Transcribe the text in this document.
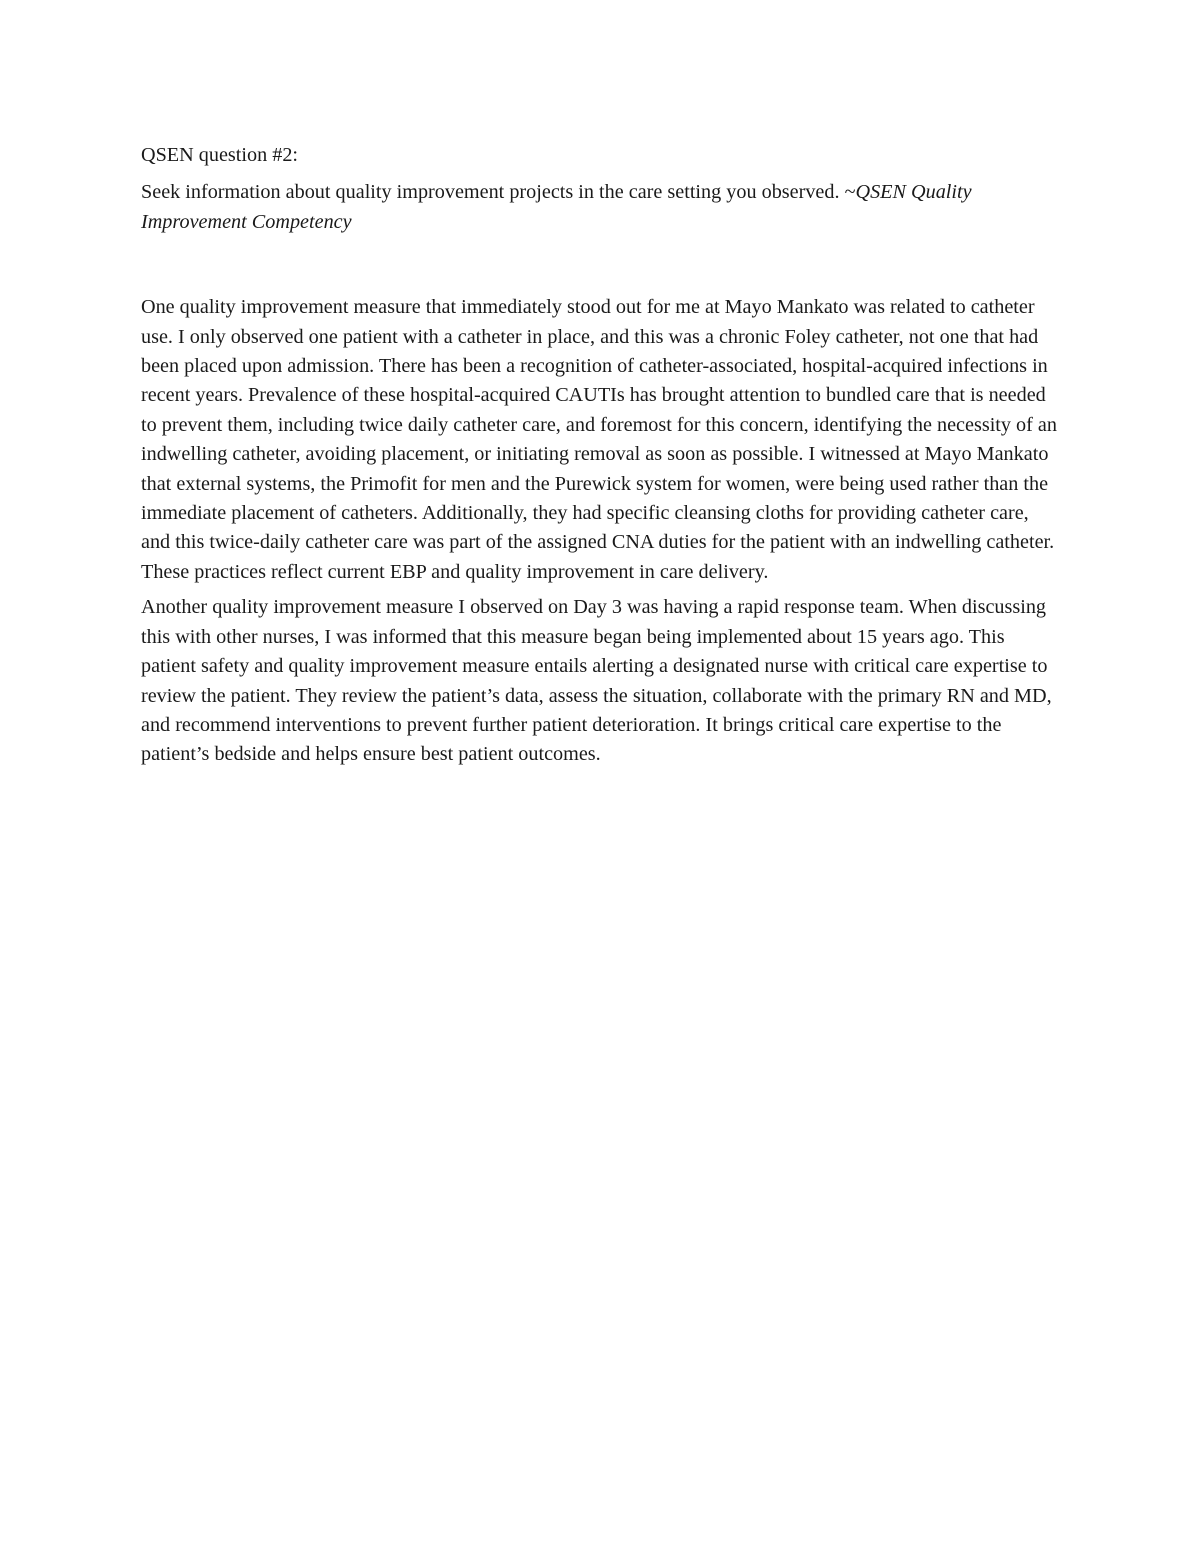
QSEN question #2:

Seek information about quality improvement projects in the care setting you observed. ~QSEN Quality Improvement Competency

One quality improvement measure that immediately stood out for me at Mayo Mankato was related to catheter use. I only observed one patient with a catheter in place, and this was a chronic Foley catheter, not one that had been placed upon admission. There has been a recognition of catheter-associated, hospital-acquired infections in recent years. Prevalence of these hospital-acquired CAUTIs has brought attention to bundled care that is needed to prevent them, including twice daily catheter care, and foremost for this concern, identifying the necessity of an indwelling catheter, avoiding placement, or initiating removal as soon as possible. I witnessed at Mayo Mankato that external systems, the Primofit for men and the Purewick system for women, were being used rather than the immediate placement of catheters. Additionally, they had specific cleansing cloths for providing catheter care, and this twice-daily catheter care was part of the assigned CNA duties for the patient with an indwelling catheter. These practices reflect current EBP and quality improvement in care delivery.

Another quality improvement measure I observed on Day 3 was having a rapid response team. When discussing this with other nurses, I was informed that this measure began being implemented about 15 years ago. This patient safety and quality improvement measure entails alerting a designated nurse with critical care expertise to review the patient. They review the patient’s data, assess the situation, collaborate with the primary RN and MD, and recommend interventions to prevent further patient deterioration. It brings critical care expertise to the patient’s bedside and helps ensure best patient outcomes.
